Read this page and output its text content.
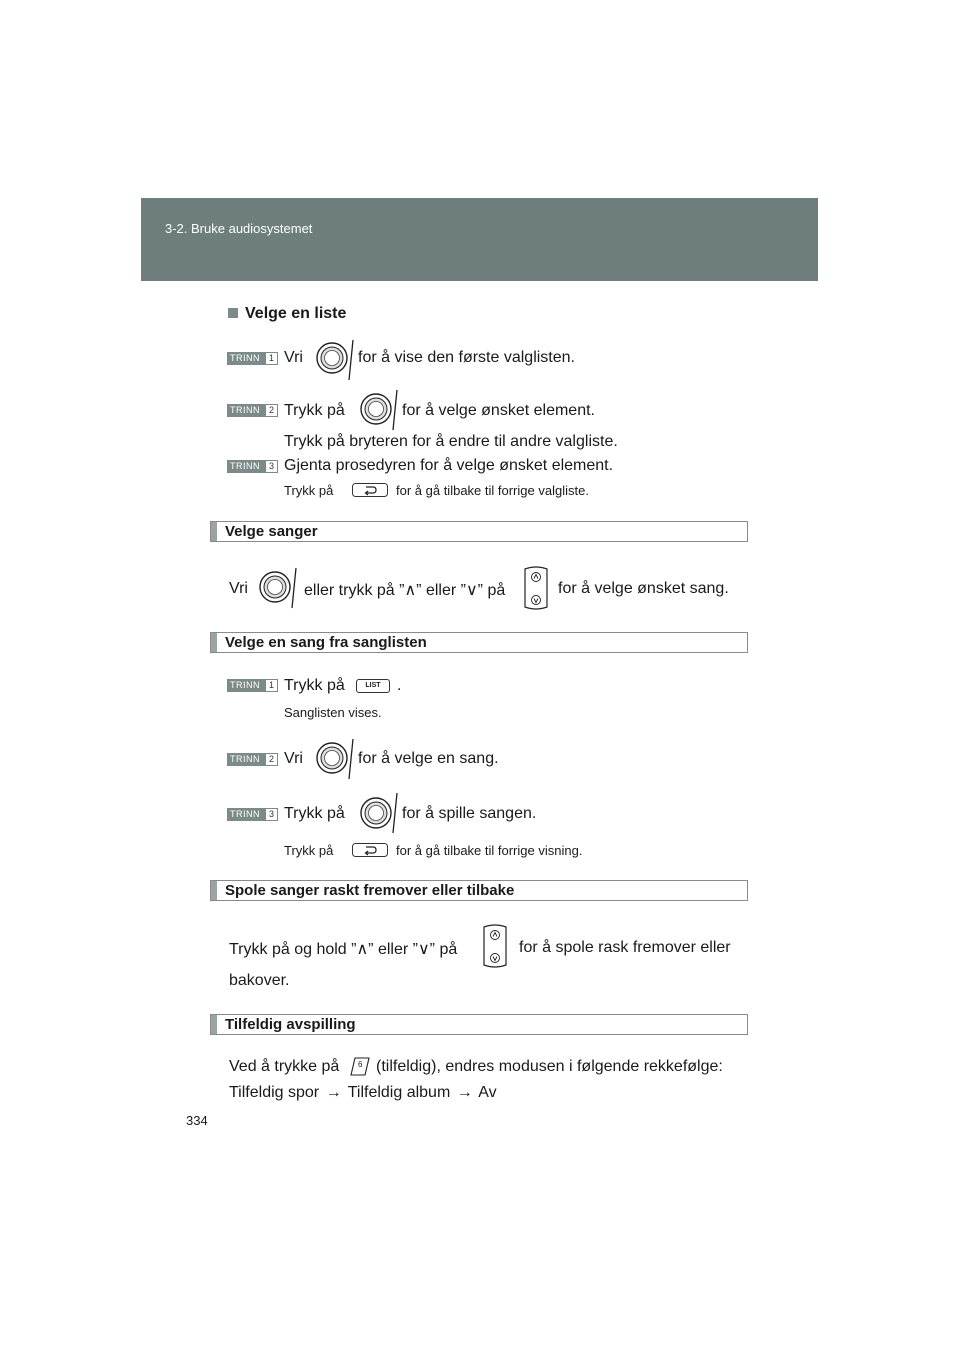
3-2. Bruke audiosystemet
Velge en liste
TRINN 1 Vri	for å vise den første valglisten.
TRINN 2 Trykk på	for å velge ønsket element.
Trykk på bryteren for å endre til andre valgliste.
TRINN 3 Gjenta prosedyren for å velge ønsket element.
Trykk på	for å gå tilbake til forrige valgliste.
Velge sanger
Vri	eller trykk på ”∧” eller ”∨” på	for å velge ønsket sang.
Velge en sang fra sanglisten
TRINN 1 Trykk på	LIST	.
Sanglisten vises.
TRINN 2 Vri	for å velge en sang.
TRINN 3 Trykk på	for å spille sangen.
Trykk på	for å gå tilbake til forrige visning.
Spole sanger raskt fremover eller tilbake
Trykk på og hold ”∧” eller ”∨” på	for å spole rask fremover eller
bakover.
Tilfeldig avspilling
Ved å trykke på 6 (tilfeldig), endres modusen i følgende rekkefølge:
Tilfeldig spor → Tilfeldig album → Av
334
